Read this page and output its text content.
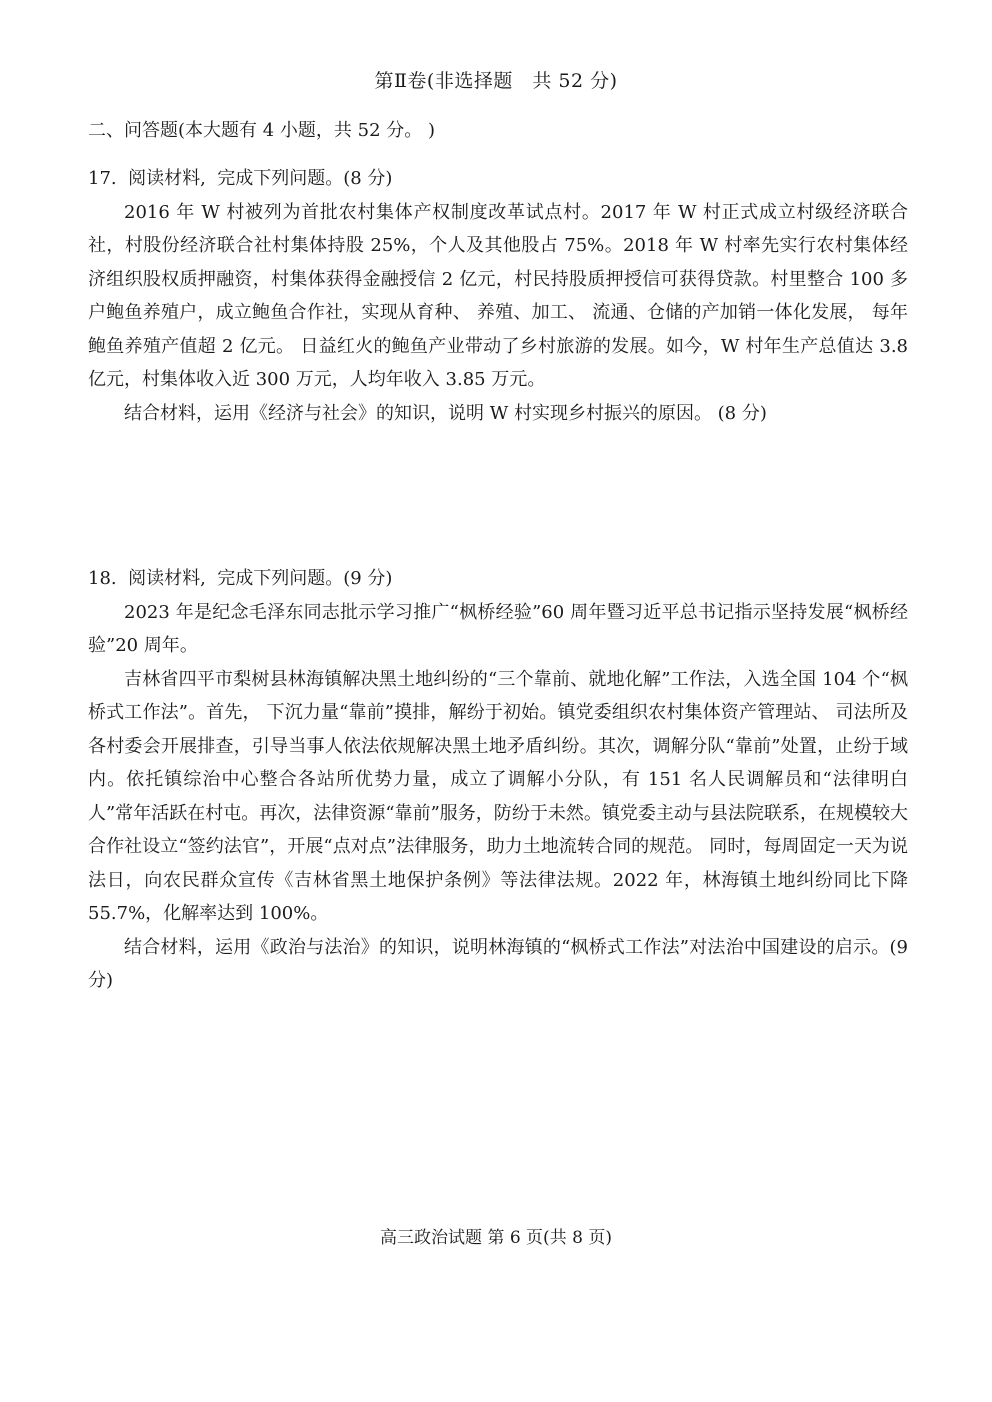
第Ⅱ卷(非选择题　共 52 分)
二、问答题(本大题有 4 小题，共 52 分。 )
17.  阅读材料,  完成下列问题。(8 分)

2016 年 W 村被列为首批农村集体产权制度改革试点村。2017 年 W 村正式成立村级经济联合社，村股份经济联合社村集体持股 25%，个人及其他股占 75%。2018 年 W 村率先实行农村集体经济组织股权质押融资，村集体获得金融授信 2 亿元，村民持股质押授信可获得贷款。村里整合 100 多户鲍鱼养殖户，成立鲍鱼合作社，实现从育种、 养殖、加工、 流通、仓储的产加销一体化发展， 每年鲍鱼养殖产值超 2 亿元。 日益红火的鲍鱼产业带动了乡村旅游的发展。如今，W 村年生产总值达 3.8 亿元，村集体收入近 300 万元，人均年收入 3.85 万元。

结合材料，运用《经济与社会》的知识，说明 W 村实现乡村振兴的原因。 (8 分)

18.  阅读材料,  完成下列问题。(9 分)

2023 年是纪念毛泽东同志批示学习推广“枫桥经验”60 周年暨习近平总书记指示坚持发展“枫桥经验”20 周年。

吉林省四平市梨树县林海镇解决黑土地纠纷的“三个靠前、就地化解”工作法，入选全国 104 个“枫桥式工作法”。首先， 下沉力量“靠前”摸排，解纷于初始。镇党委组织农村集体资产管理站、 司法所及各村委会开展排查，引导当事人依法依规解决黑土地矛盾纠纷。其次，调解分队“靠前”处置，止纷于域内。依托镇综治中心整合各站所优势力量，成立了调解小分队，有 151 名人民调解员和“法律明白人”常年活跃在村屯。再次，法律资源“靠前”服务，防纷于未然。镇党委主动与县法院联系，在规模较大合作社设立“签约法官”，开展“点对点”法律服务，助力土地流转合同的规范。 同时，每周固定一天为说法日，向农民群众宣传《吉林省黑土地保护条例》等法律法规。2022 年，林海镇土地纠纷同比下降 55.7%，化解率达到 100%。

结合材料，运用《政治与法治》的知识，说明林海镇的“枫桥式工作法”对法治中国建设的启示。(9 分)

高三政治试题 第 6 页(共 8 页)
